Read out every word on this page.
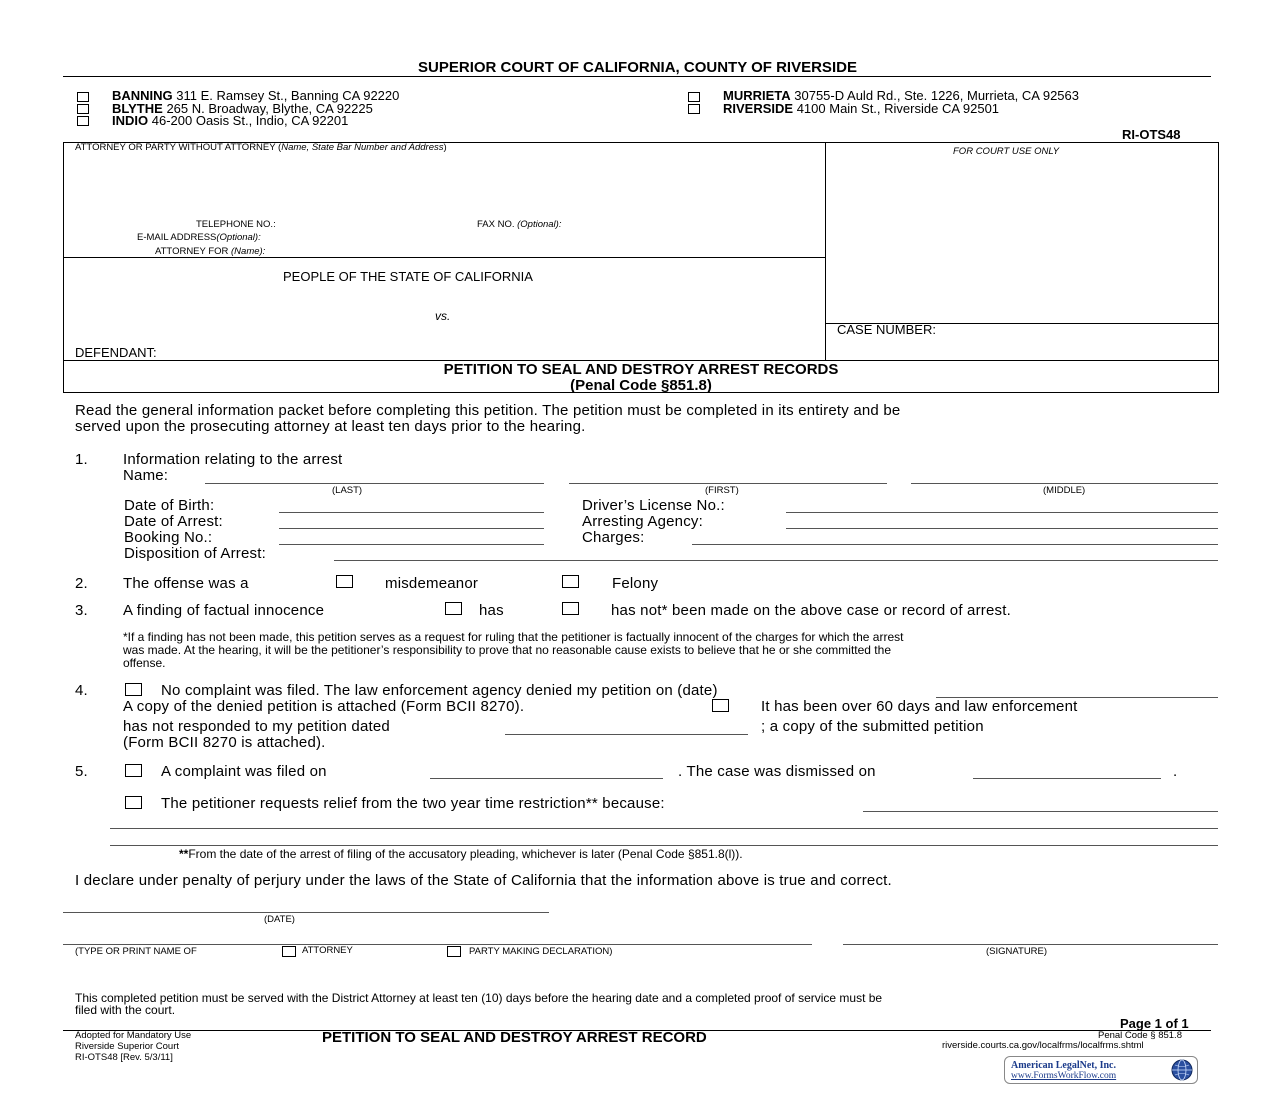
SUPERIOR COURT OF CALIFORNIA, COUNTY OF RIVERSIDE
BANNING 311 E. Ramsey St., Banning CA 92220
BLYTHE 265 N. Broadway, Blythe, CA 92225
INDIO 46-200 Oasis St., Indio, CA 92201
MURRIETA 30755-D Auld Rd., Ste. 1226, Murrieta, CA 92563
RIVERSIDE 4100 Main St., Riverside CA 92501
RI-OTS48
ATTORNEY OR PARTY WITHOUT ATTORNEY (Name, State Bar Number and Address)	FOR COURT USE ONLY
TELEPHONE NO.:	FAX NO. (Optional):
E-MAIL ADDRESS(Optional):
ATTORNEY FOR (Name):
PEOPLE OF THE STATE OF CALIFORNIA
vs.
DEFENDANT:
CASE NUMBER:
PETITION TO SEAL AND DESTROY ARREST RECORDS
(Penal Code §851.8)
Read the general information packet before completing this petition. The petition must be completed in its entirety and be
served upon the prosecuting attorney at least ten days prior to the hearing.
1. Information relating to the arrest
Name:
(LAST)	(FIRST)	(MIDDLE)
Date of Birth:
Date of Arrest:
Booking No.:
Disposition of Arrest:
Driver’s License No.:
Arresting Agency:
Charges:
2. The offense was a	misdemeanor	Felony
3. A finding of factual innocence	has	has not* been made on the above case or record of arrest.
*If a finding has not been made, this petition serves as a request for ruling that the petitioner is factually innocent of the charges for which the arrest
was made. At the hearing, it will be the petitioner’s responsibility to prove that no reasonable cause exists to believe that he or she committed the
offense.
4.	No complaint was filed. The law enforcement agency denied my petition on (date)
A copy of the denied petition is attached (Form BCII 8270).	It has been over 60 days and law enforcement
has not responded to my petition dated	; a copy of the submitted petition
(Form BCII 8270 is attached).
5.	A complaint was filed on	. The case was dismissed on	.
The petitioner requests relief from the two year time restriction** because:
**From the date of the arrest of filing of the accusatory pleading, whichever is later (Penal Code §851.8(l)).
I declare under penalty of perjury under the laws of the State of California that the information above is true and correct.
(DATE)
(TYPE OR PRINT NAME OF	ATTORNEY	PARTY MAKING DECLARATION)	(SIGNATURE)
This completed petition must be served with the District Attorney at least ten (10) days before the hearing date and a completed proof of service must be
filed with the court.
Page 1 of 1
Adopted for Mandatory Use
Riverside Superior Court
RI-OTS48 [Rev. 5/3/11]
PETITION TO SEAL AND DESTROY ARREST RECORD	Penal Code § 851.8
riverside.courts.ca.gov/localfrms/localfrms.shtml
American LegalNet, Inc.
www.FormsWorkFlow.com
